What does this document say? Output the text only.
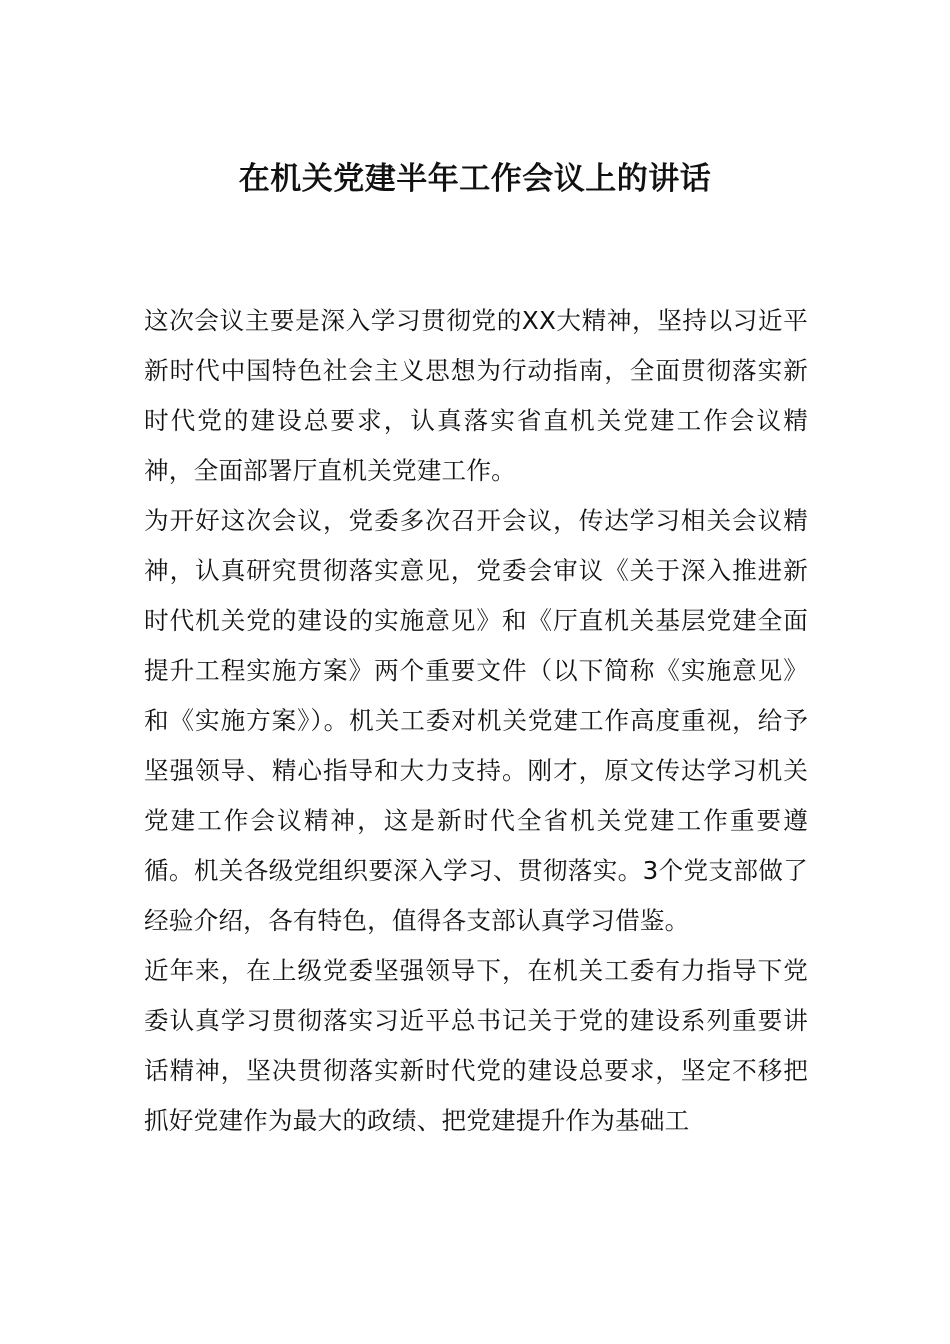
在机关党建半年工作会议上的讲话

这次会议主要是深入学习贯彻党的XX大精神，坚持以习近平新时代中国特色社会主义思想为行动指南，全面贯彻落实新时代党的建设总要求，认真落实省直机关党建工作会议精神，全面部署厅直机关党建工作。

为开好这次会议，党委多次召开会议，传达学习相关会议精神，认真研究贯彻落实意见，党委会审议《关于深入推进新时代机关党的建设的实施意见》和《厅直机关基层党建全面提升工程实施方案》两个重要文件（以下简称《实施意见》和《实施方案》）。机关工委对机关党建工作高度重视，给予坚强领导、精心指导和大力支持。刚才，原文传达学习机关党建工作会议精神，这是新时代全省机关党建工作重要遵循。机关各级党组织要深入学习、贯彻落实。3个党支部做了经验介绍，各有特色，值得各支部认真学习借鉴。

近年来，在上级党委坚强领导下，在机关工委有力指导下党委认真学习贯彻落实习近平总书记关于党的建设系列重要讲话精神，坚决贯彻落实新时代党的建设总要求，坚定不移把抓好党建作为最大的政绩、把党建提升作为基础工
